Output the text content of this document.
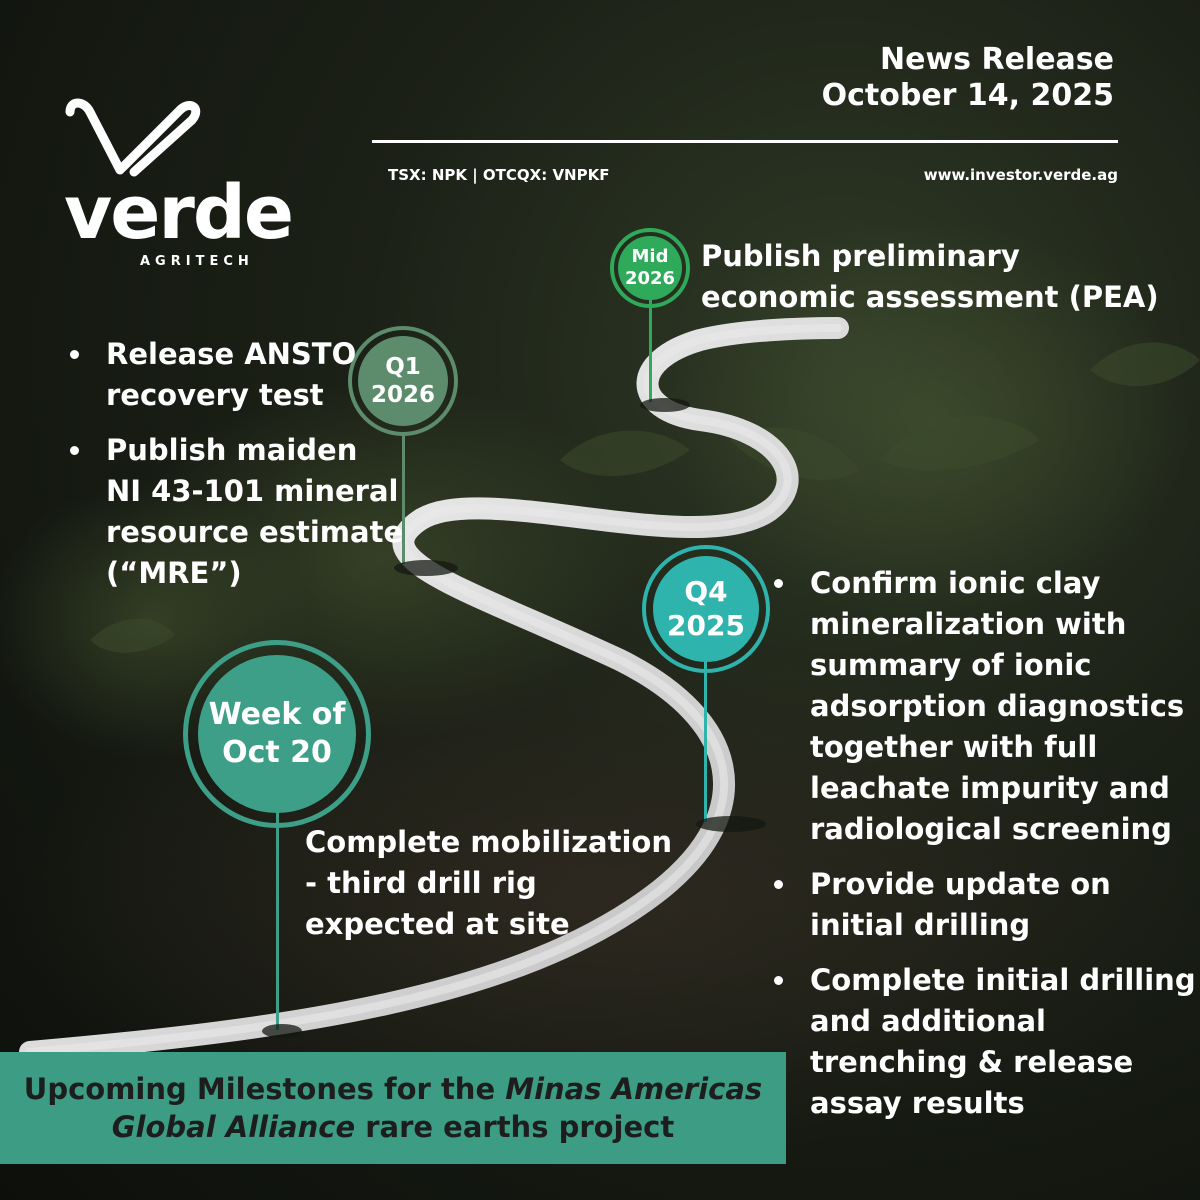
verde
AGRITECH
News Release
October 14, 2025
TSX: NPK | OTCQX: VNPKF	www.investor.verde.ag
Mid
2026
Publish preliminary
economic assessment (PEA)
Q1
2026
Release ANSTO
recovery test
Publish maiden
NI 43-101 mineral
resource estimate
(“MRE”)
Q4
2025
Confirm ionic clay
mineralization with
summary of ionic
adsorption diagnostics
together with full
leachate impurity and
radiological screening
Provide update on
initial drilling
Complete initial drilling
and additional
trenching & release
assay results
Week of
Oct 20
Complete mobilization
- third drill rig
expected at site
Upcoming Milestones for the Minas Americas
Global Alliance rare earths project
